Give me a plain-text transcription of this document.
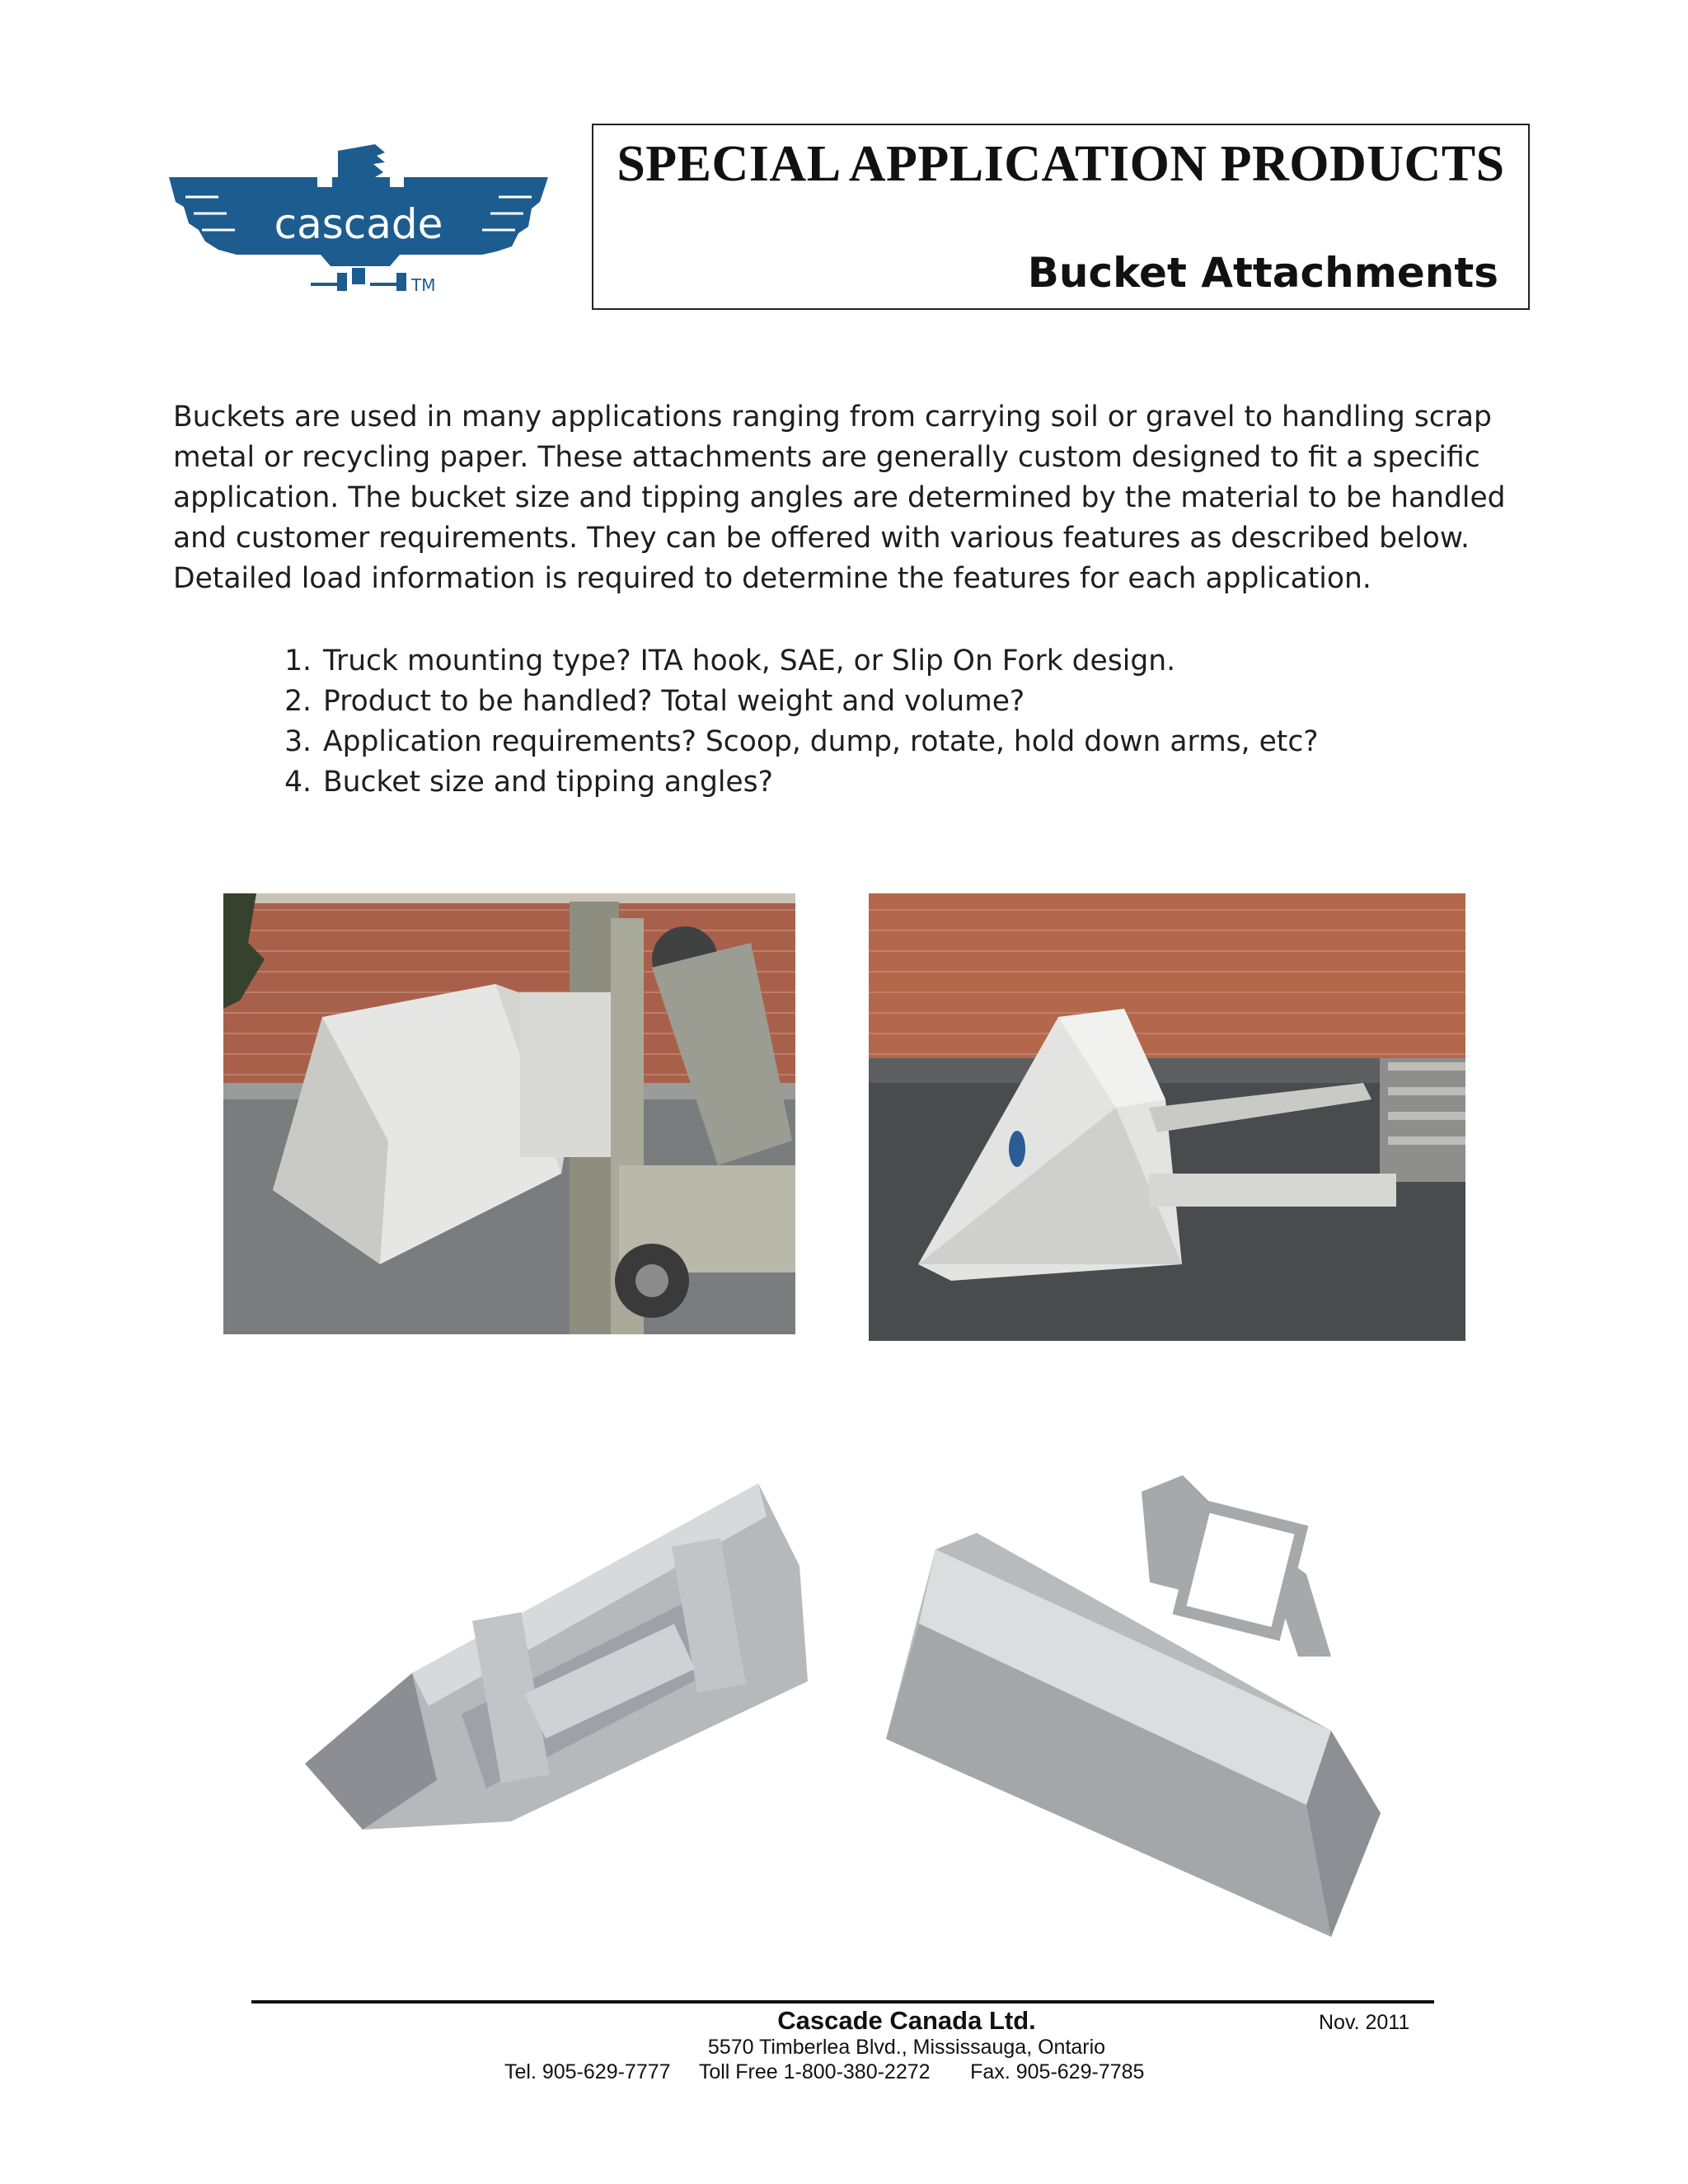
cascade
TM
SPECIAL APPLICATION PRODUCTS
Bucket Attachments

Buckets are used in many applications ranging from carrying soil or gravel to handling scrap metal or recycling paper. These attachments are generally custom designed to fit a specific application. The bucket size and tipping angles are determined by the material to be handled and customer requirements. They can be offered with various features as described below. Detailed load information is required to determine the features for each application.

1. Truck mounting type? ITA hook, SAE, or Slip On Fork design.
2. Product to be handled? Total weight and volume?
3. Application requirements? Scoop, dump, rotate, hold down arms, etc?
4. Bucket size and tipping angles?
Cascade Canada Ltd.	Nov. 2011
5570 Timberlea Blvd., Mississauga, Ontario
Tel. 905-629-7777     Toll Free 1-800-380-2272       Fax. 905-629-7785
